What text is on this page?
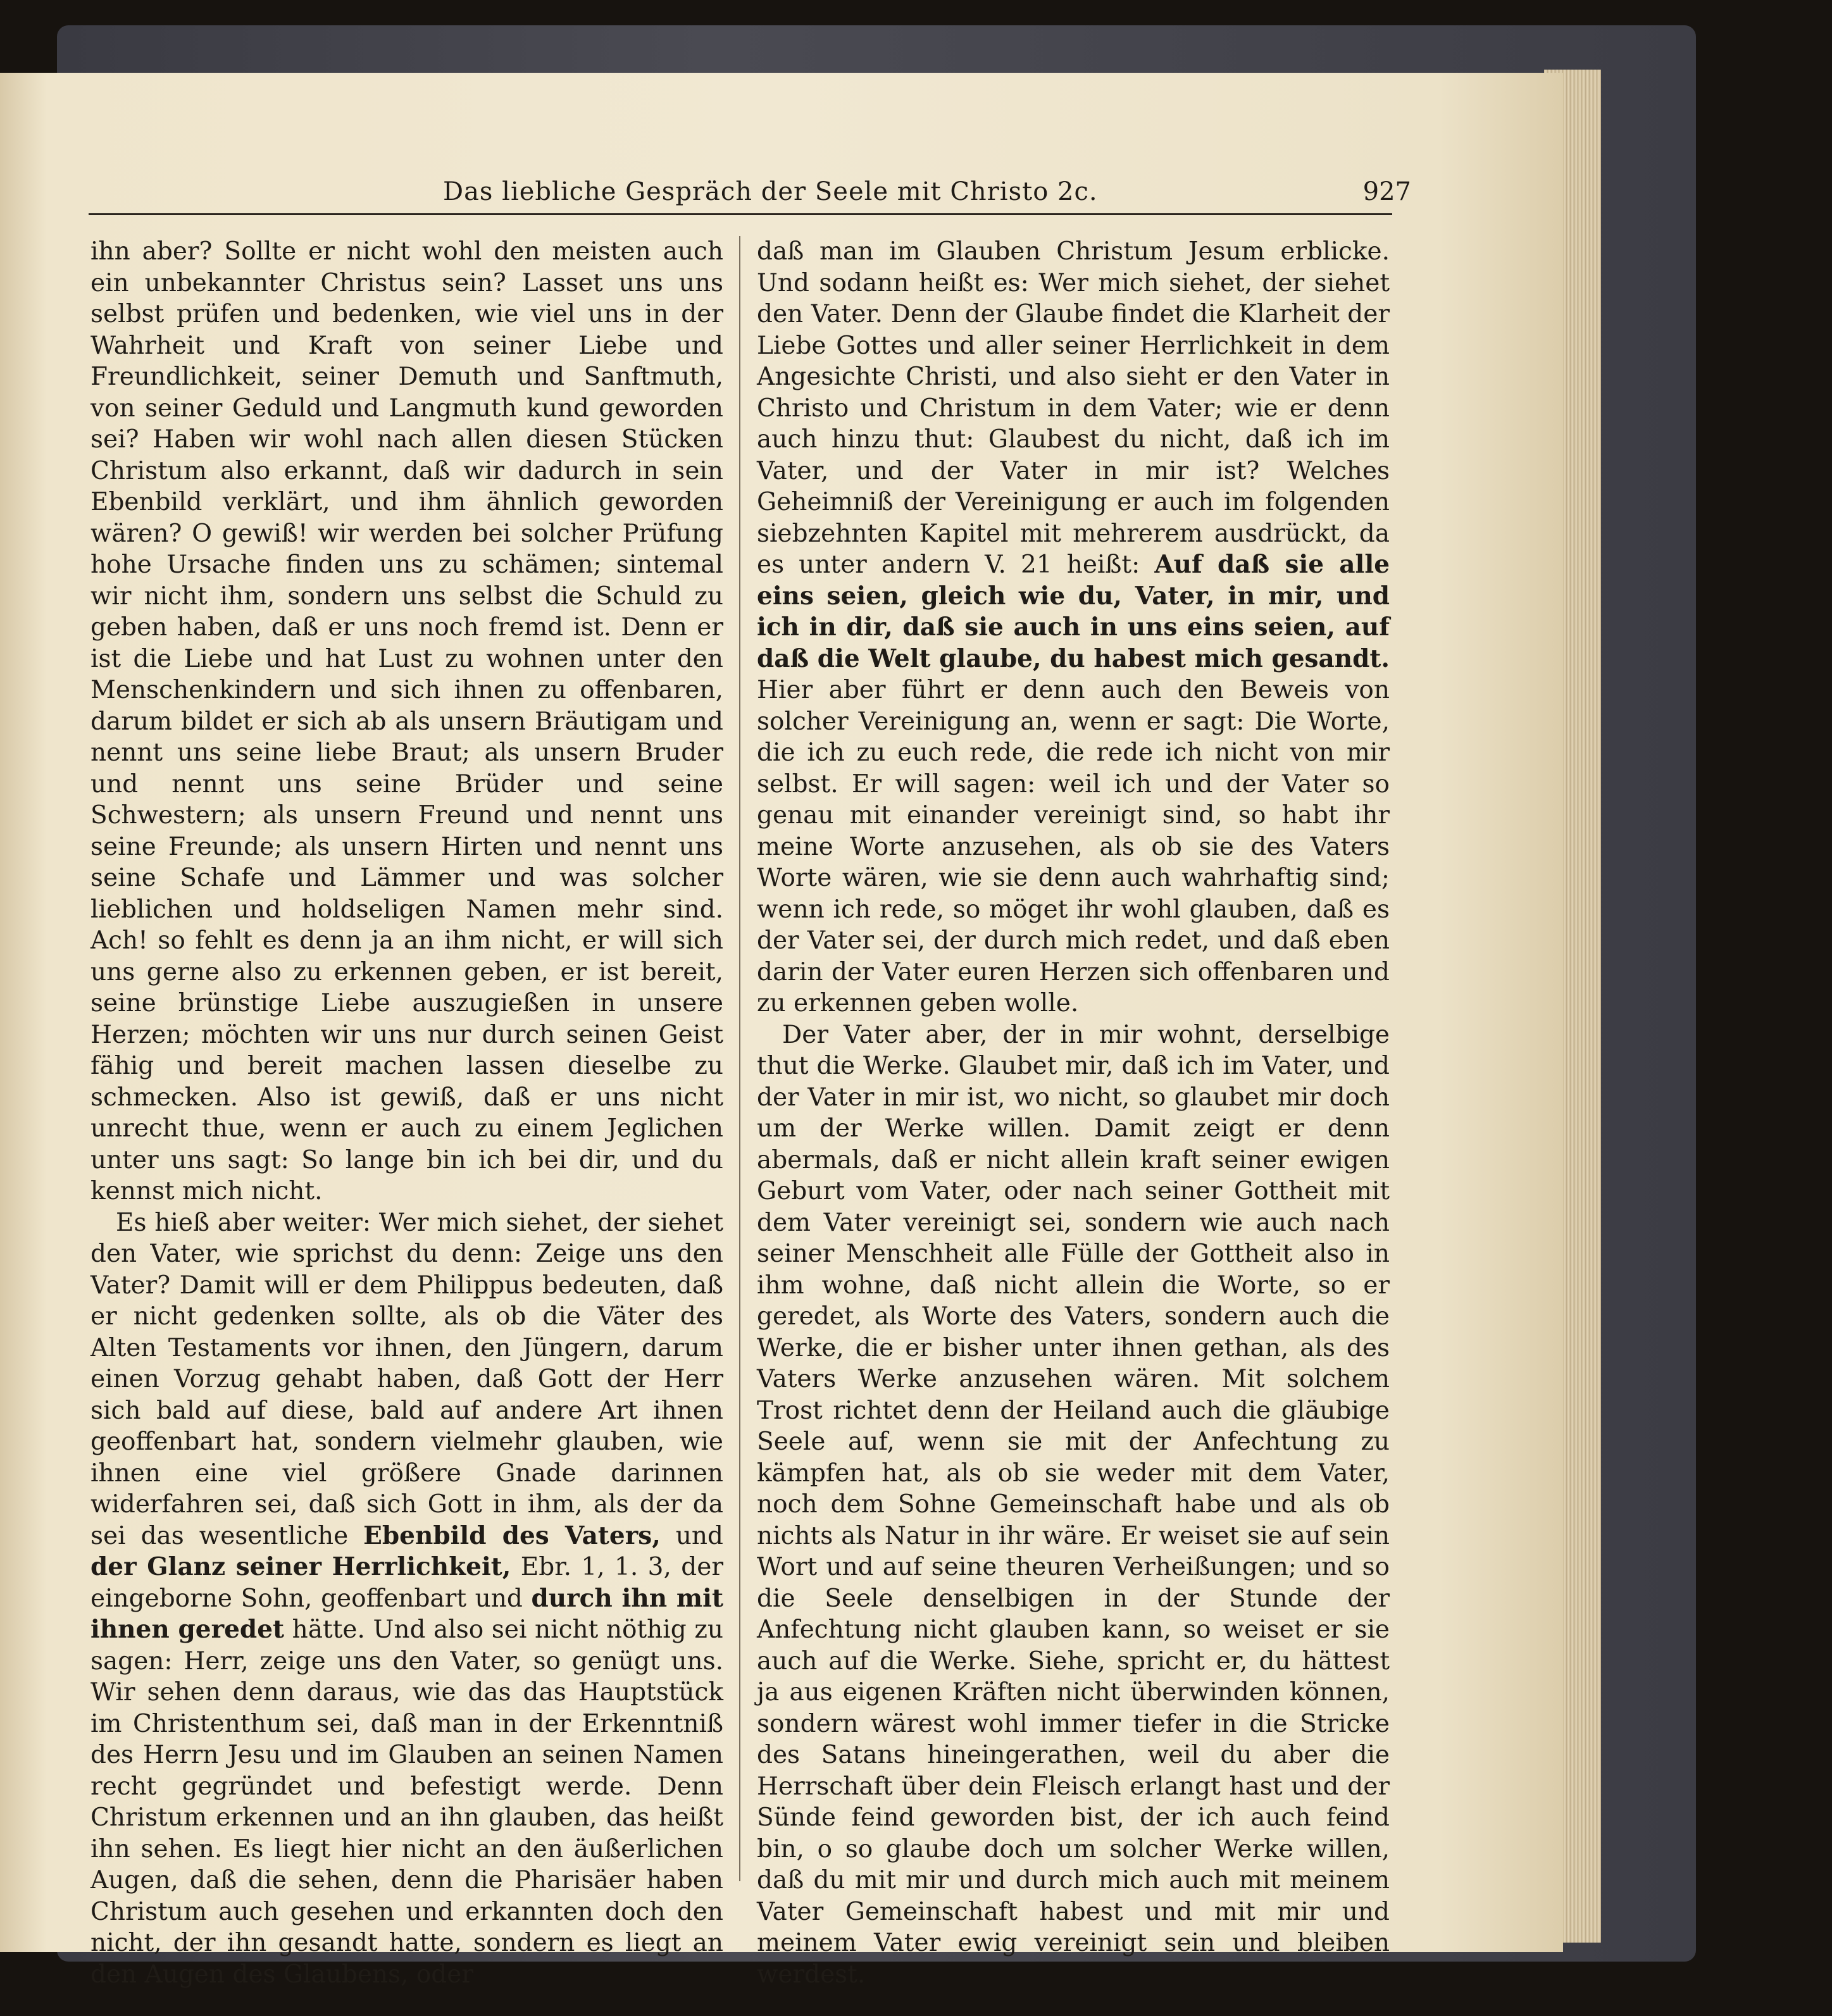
Das liebliche Gespräch der Seele mit Christo 2c.	927

ihn aber? Sollte er nicht wohl den meisten auch ein unbekannter Christus sein? Lasset uns uns selbst prüfen und bedenken, wie viel uns in der Wahrheit und Kraft von seiner Liebe und Freundlichkeit, seiner Demuth und Sanftmuth, von seiner Geduld und Langmuth kund geworden sei? Haben wir wohl nach allen diesen Stücken Christum also erkannt, daß wir dadurch in sein Ebenbild verklärt, und ihm ähnlich geworden wären? O gewiß! wir werden bei solcher Prüfung hohe Ursache finden uns zu schämen; sintemal wir nicht ihm, sondern uns selbst die Schuld zu geben haben, daß er uns noch fremd ist. Denn er ist die Liebe und hat Lust zu wohnen unter den Menschenkindern und sich ihnen zu offenbaren, darum bildet er sich ab als unsern Bräutigam und nennt uns seine liebe Braut; als unsern Bruder und nennt uns seine Brüder und seine Schwestern; als unsern Freund und nennt uns seine Freunde; als unsern Hirten und nennt uns seine Schafe und Lämmer und was solcher lieblichen und holdseligen Namen mehr sind. Ach! so fehlt es denn ja an ihm nicht, er will sich uns gerne also zu erkennen geben, er ist bereit, seine brünstige Liebe auszugießen in unsere Herzen; möchten wir uns nur durch seinen Geist fähig und bereit machen lassen dieselbe zu schmecken. Also ist gewiß, daß er uns nicht unrecht thue, wenn er auch zu einem Jeglichen unter uns sagt: So lange bin ich bei dir, und du kennst mich nicht.

Es hieß aber weiter: Wer mich siehet, der siehet den Vater, wie sprichst du denn: Zeige uns den Vater? Damit will er dem Philippus bedeuten, daß er nicht gedenken sollte, als ob die Väter des Alten Testaments vor ihnen, den Jüngern, darum einen Vorzug gehabt haben, daß Gott der Herr sich bald auf diese, bald auf andere Art ihnen geoffenbart hat, sondern vielmehr glauben, wie ihnen eine viel größere Gnade darinnen widerfahren sei, daß sich Gott in ihm, als der da sei das wesentliche Ebenbild des Vaters, und der Glanz seiner Herrlichkeit, Ebr. 1, 1. 3, der eingeborne Sohn, geoffenbart und durch ihn mit ihnen geredet hätte. Und also sei nicht nöthig zu sagen: Herr, zeige uns den Vater, so genügt uns. Wir sehen denn daraus, wie das das Hauptstück im Christenthum sei, daß man in der Erkenntniß des Herrn Jesu und im Glauben an seinen Namen recht gegründet und befestigt werde. Denn Christum erkennen und an ihn glauben, das heißt ihn sehen. Es liegt hier nicht an den äußerlichen Augen, daß die sehen, denn die Pharisäer haben Christum auch gesehen und erkannten doch den nicht, der ihn gesandt hatte, sondern es liegt an den Augen des Glaubens, oder

daß man im Glauben Christum Jesum erblicke. Und sodann heißt es: Wer mich siehet, der siehet den Vater. Denn der Glaube findet die Klarheit der Liebe Gottes und aller seiner Herrlichkeit in dem Angesichte Christi, und also sieht er den Vater in Christo und Christum in dem Vater; wie er denn auch hinzu thut: Glaubest du nicht, daß ich im Vater, und der Vater in mir ist? Welches Geheimniß der Vereinigung er auch im folgenden siebzehnten Kapitel mit mehrerem ausdrückt, da es unter andern V. 21 heißt: Auf daß sie alle eins seien, gleich wie du, Vater, in mir, und ich in dir, daß sie auch in uns eins seien, auf daß die Welt glaube, du habest mich gesandt. Hier aber führt er denn auch den Beweis von solcher Vereinigung an, wenn er sagt: Die Worte, die ich zu euch rede, die rede ich nicht von mir selbst. Er will sagen: weil ich und der Vater so genau mit einander vereinigt sind, so habt ihr meine Worte anzusehen, als ob sie des Vaters Worte wären, wie sie denn auch wahrhaftig sind; wenn ich rede, so möget ihr wohl glauben, daß es der Vater sei, der durch mich redet, und daß eben darin der Vater euren Herzen sich offenbaren und zu erkennen geben wolle.

Der Vater aber, der in mir wohnt, derselbige thut die Werke. Glaubet mir, daß ich im Vater, und der Vater in mir ist, wo nicht, so glaubet mir doch um der Werke willen. Damit zeigt er denn abermals, daß er nicht allein kraft seiner ewigen Geburt vom Vater, oder nach seiner Gottheit mit dem Vater vereinigt sei, sondern wie auch nach seiner Menschheit alle Fülle der Gottheit also in ihm wohne, daß nicht allein die Worte, so er geredet, als Worte des Vaters, sondern auch die Werke, die er bisher unter ihnen gethan, als des Vaters Werke anzusehen wären. Mit solchem Trost richtet denn der Heiland auch die gläubige Seele auf, wenn sie mit der Anfechtung zu kämpfen hat, als ob sie weder mit dem Vater, noch dem Sohne Gemeinschaft habe und als ob nichts als Natur in ihr wäre. Er weiset sie auf sein Wort und auf seine theuren Verheißungen; und so die Seele denselbigen in der Stunde der Anfechtung nicht glauben kann, so weiset er sie auch auf die Werke. Siehe, spricht er, du hättest ja aus eigenen Kräften nicht überwinden können, sondern wärest wohl immer tiefer in die Stricke des Satans hineingerathen, weil du aber die Herrschaft über dein Fleisch erlangt hast und der Sünde feind geworden bist, der ich auch feind bin, o so glaube doch um solcher Werke willen, daß du mit mir und durch mich auch mit meinem Vater Gemeinschaft habest und mit mir und meinem Vater ewig vereinigt sein und bleiben werdest.
